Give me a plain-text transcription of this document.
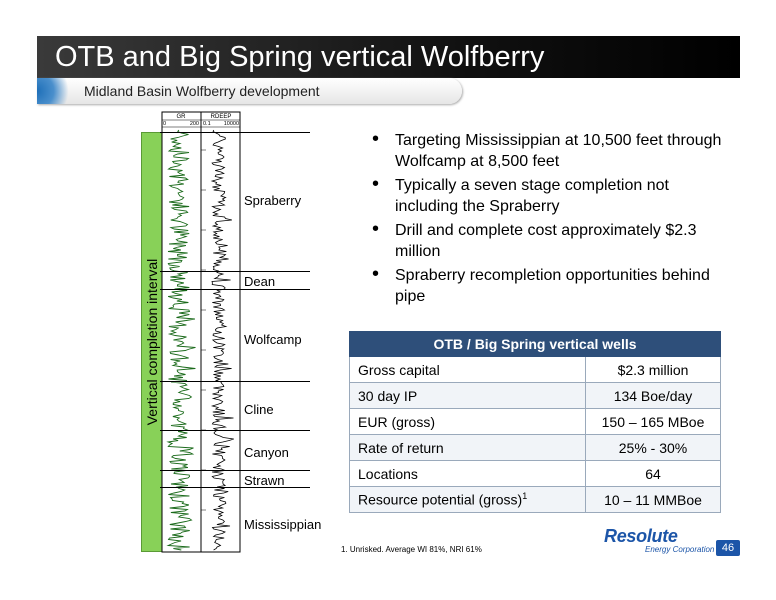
OTB and Big Spring vertical Wolfberry
Midland Basin Wolfberry development
Vertical completion interval
GR	RDEEP
0	200 0.1 10000
Spraberry
Dean
Wolfcamp
Cline
Canyon
Strawn
Mississippian
• Targeting Mississippian at 10,500 feet through Wolfcamp at 8,500 feet
• Typically a seven stage completion not including the Spraberry
• Drill and complete cost approximately $2.3 million
• Spraberry recompletion opportunities behind pipe
OTB / Big Spring vertical wells	
Gross capital	$2.3 million
30 day IP	134 Boe/day
EUR (gross)	150 – 165 MBoe
Rate of return	25% - 30%
Locations	64
Resource potential (gross)$^1$	10 – 11 MMBoe
1. Unrisked. Average WI 81%, NRI 61%
Resolute
Energy Corporation 46
